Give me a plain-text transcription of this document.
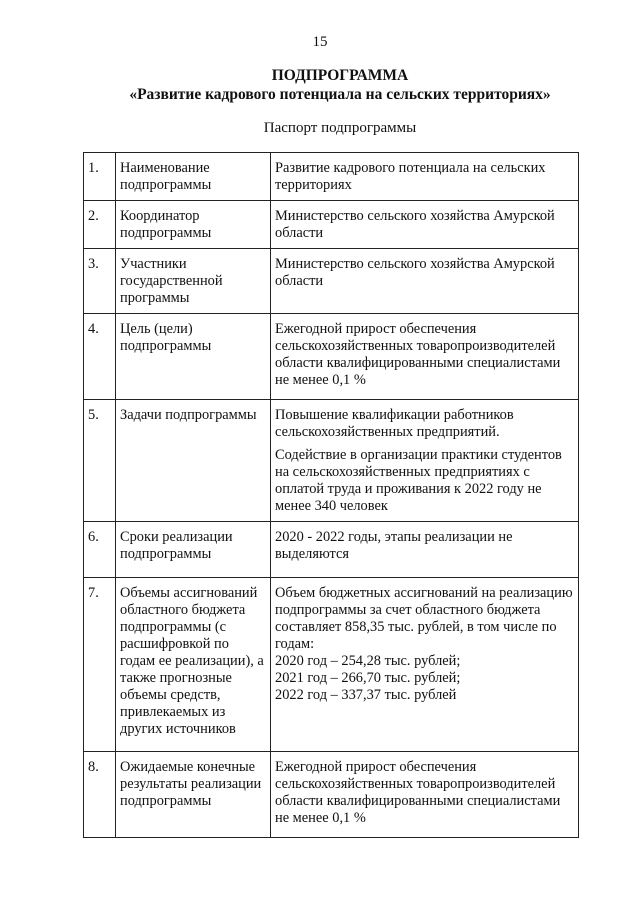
15
ПОДПРОГРАММА
«Развитие кадрового потенциала на сельских территориях»
Паспорт подпрограммы
1.	Наименование подпрограммы	Развитие кадрового потенциала на сельских территориях

2.	Координатор подпрограммы	Министерство сельского хозяйства Амурской области

3.	Участники государственной программы	Министерство сельского хозяйства Амурской области

4.	Цель (цели) подпрограммы	Ежегодной прирост обеспечения сельскохозяйственных товаропроизводителей области квалифицированными специалистами не менее 0,1 %

5.	Задачи подпрограммы	Повышение квалификации работников сельскохозяйственных предприятий.

Содействие в организации практики студентов на сельскохозяйственных предприятиях с оплатой труда и проживания к 2022 году не менее 340 человек

6.	Сроки реализации подпрограммы	2020 - 2022 годы, этапы реализации не выделяются

7.	Объемы ассигнований областного бюджета подпрограммы (с расшифровкой по годам ее реализации), а также прогнозные объемы средств, привлекаемых из других источников	Объем бюджетных ассигнований на реализацию подпрограммы за счет областного бюджета составляет 858,35 тыс. рублей, в том числе по годам:

2020 год – 254,28 тыс. рублей;

2021 год – 266,70 тыс. рублей;

2022 год – 337,37 тыс. рублей

8.	Ожидаемые конечные результаты реализации подпрограммы	Ежегодной прирост обеспечения сельскохозяйственных товаропроизводителей области квалифицированными специалистами не менее 0,1 %
